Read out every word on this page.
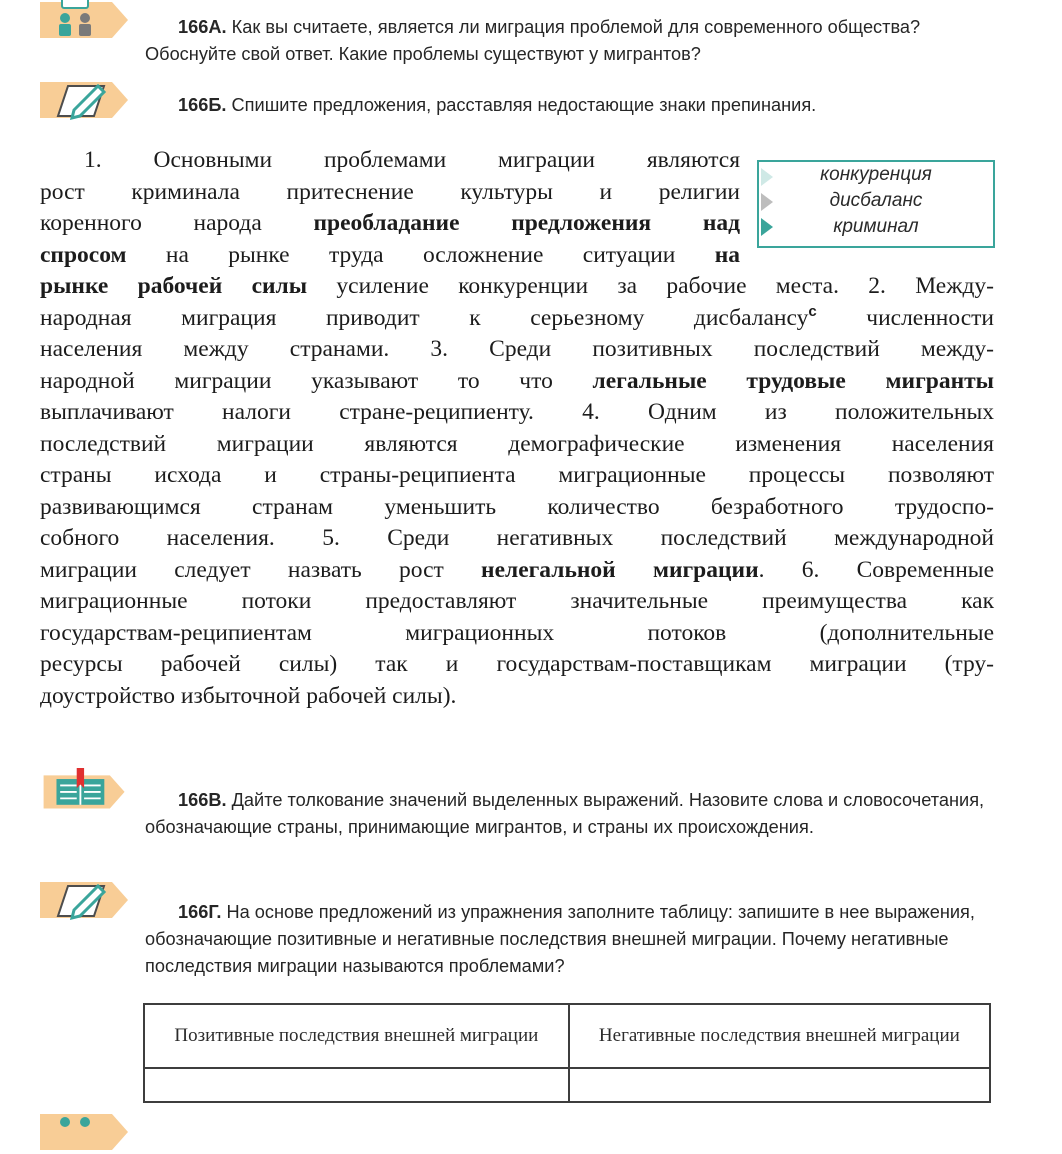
166А. Как вы считаете, является ли миграция проблемой для современного общества? Обоснуйте свой ответ. Какие проблемы существуют у мигрантов?
166Б. Спишите предложения, расставляя недостающие знаки препинания.
конкуренция
дисбаланс
криминал
1. Основными проблемами миграции являются
рост криминала притеснение культуры и религии
коренного народа преобладание предложения над
спросом на рынке труда осложнение ситуации на
рынке рабочей силы усиление конкуренции за рабочие места. 2. Между-
народная миграция приводит к серьезному дисбалансу$^с$ численности
населения между странами. 3. Среди позитивных последствий между-
народной миграции указывают то что легальные трудовые мигранты
выплачивают налоги стране-реципиенту. 4. Одним из положительных
последствий миграции являются демографические изменения населения
страны исхода и страны-реципиента миграционные процессы позволяют
развивающимся странам уменьшить количество безработного трудоспо-
собного населения. 5. Среди негативных последствий международной
миграции следует назвать рост нелегальной миграции. 6. Современные
миграционные потоки предоставляют значительные преимущества как
государствам-реципиентам миграционных потоков (дополнительные
ресурсы рабочей силы) так и государствам-поставщикам миграции (тру-
доустройство избыточной рабочей силы).
166В. Дайте толкование значений выделенных выражений. Назовите слова и словосочетания, обозначающие страны, принимающие мигрантов, и страны их происхождения.
166Г. На основе предложений из упражнения заполните таблицу: запишите в нее выражения, обозначающие позитивные и негативные последствия внешней миграции. Почему негативные последствия миграции называются проблемами?
Позитивные последствия внешней миграции	Негативные последствия внешней миграции
